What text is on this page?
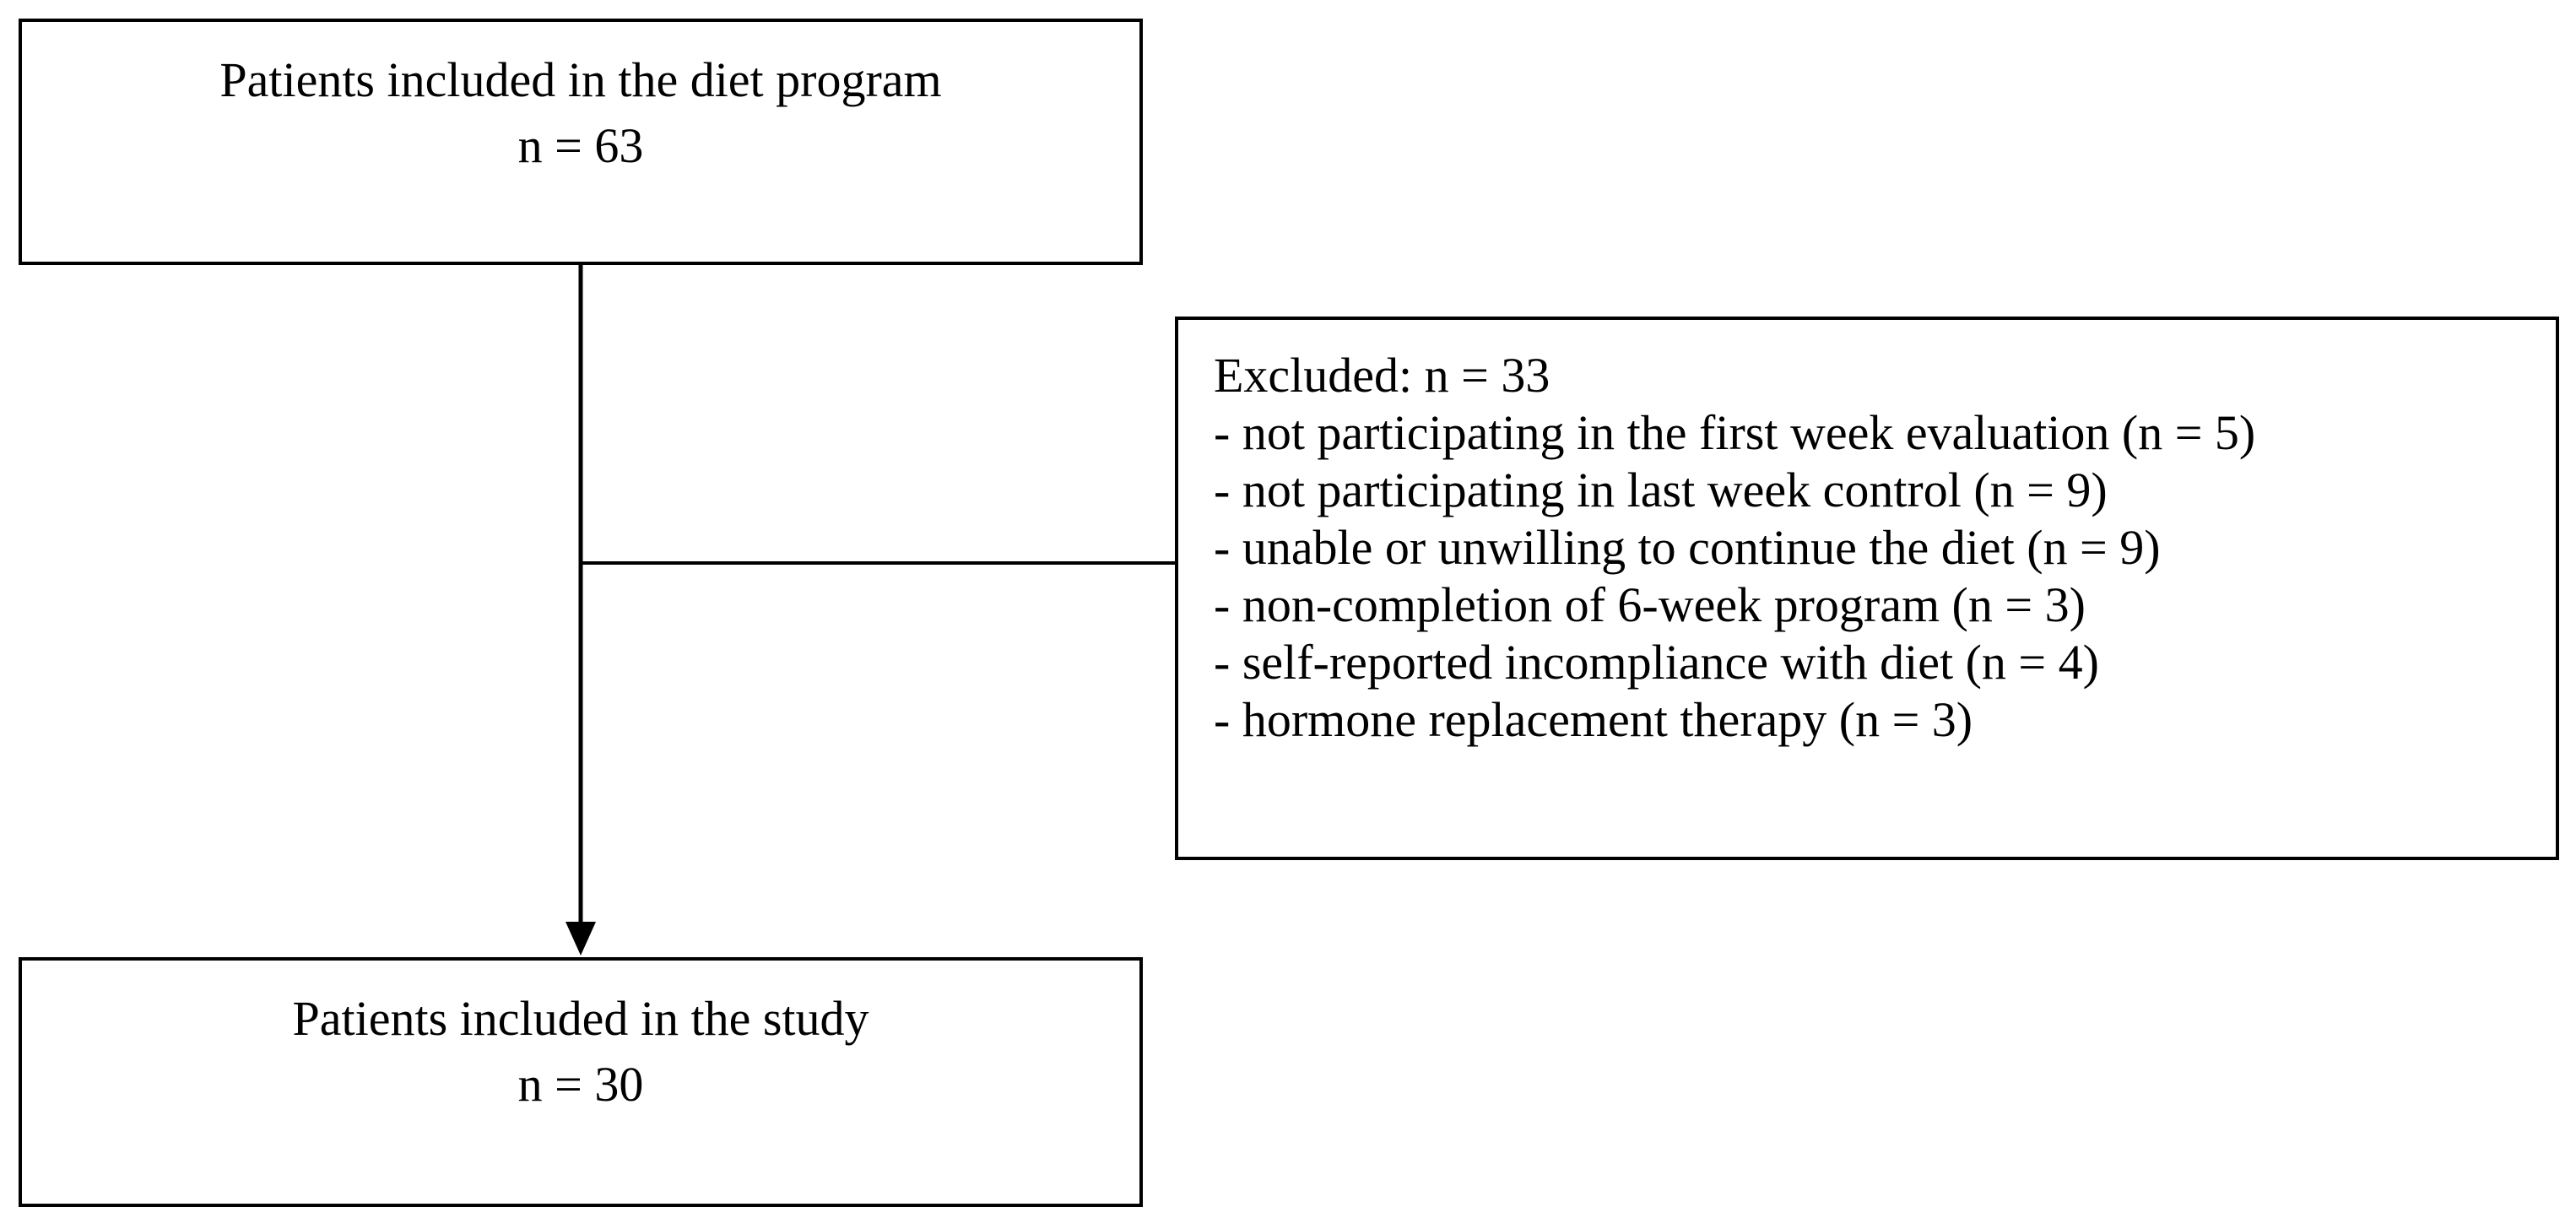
Patients included in the diet program
n = 63
Excluded: n = 33
- not participating in the first week evaluation (n = 5)
- not participating in last week control (n = 9)
- unable or unwilling to continue the diet (n = 9)
- non-completion of 6-week program (n = 3)
- self-reported incompliance with diet (n = 4)
- hormone replacement therapy (n = 3)
Patients included in the study
n = 30
